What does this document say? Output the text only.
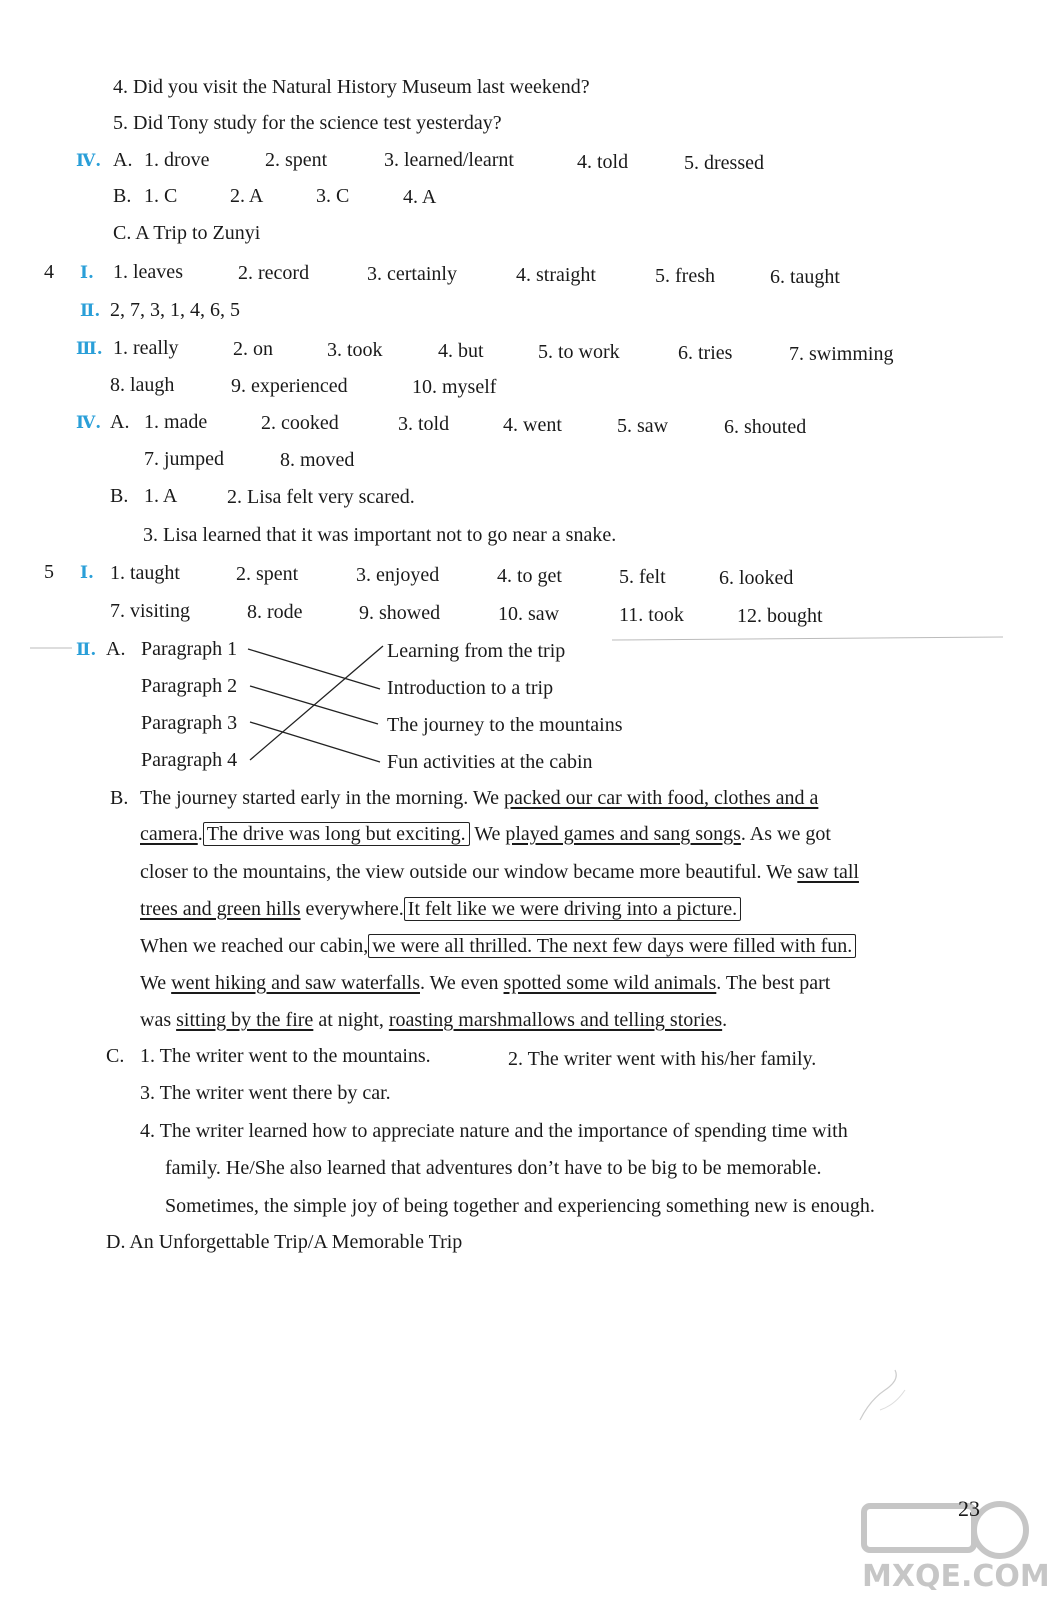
4. Did you visit the Natural History Museum last weekend?
5. Did Tony study for the science test yesterday?
Ⅳ. A. 1. drove	2. spent	3. learned/learnt	4. told	5. dressed
B. 1. C	2. A	3. C	4. A
C. A Trip to Zunyi
4 Ⅰ. 1. leaves	2. record	3. certainly	4. straight	5. fresh	6. taught
Ⅱ. 2, 7, 3, 1, 4, 6, 5
Ⅲ. 1. really	2. on	3. took	4. but	5. to work	6. tries	7. swimming
8. laugh	9. experienced	10. myself
Ⅳ. A. 1. made	2. cooked	3. told	4. went	5. saw	6. shouted
7. jumped	8. moved
B. 1. A 2. Lisa felt very scared.
3. Lisa learned that it was important not to go near a snake.
5 Ⅰ. 1. taught	2. spent	3. enjoyed	4. to get	5. felt	6. looked
7. visiting	8. rode	9. showed	10. saw	11. took	12. bought
Ⅱ. A. Paragraph 1
Paragraph 2
Paragraph 3
Paragraph 4
Learning from the trip
Introduction to a trip
The journey to the mountains
Fun activities at the cabin
B. The journey started early in the morning. We packed our car with food, clothes and a
camera. The drive was long but exciting. We played games and sang songs. As we got
closer to the mountains, the view outside our window became more beautiful. We saw tall
trees and green hills everywhere. It felt like we were driving into a picture.
When we reached our cabin, we were all thrilled. The next few days were filled with fun.
We went hiking and saw waterfalls. We even spotted some wild animals. The best part
was sitting by the fire at night, roasting marshmallows and telling stories.
C. 1. The writer went to the mountains.	2. The writer went with his/her family.
3. The writer went there by car.
4. The writer learned how to appreciate nature and the importance of spending time with
family. He/She also learned that adventures don’t have to be big to be memorable.
Sometimes, the simple joy of being together and experiencing something new is enough.
D. An Unforgettable Trip/A Memorable Trip
MXQE.COM
23
